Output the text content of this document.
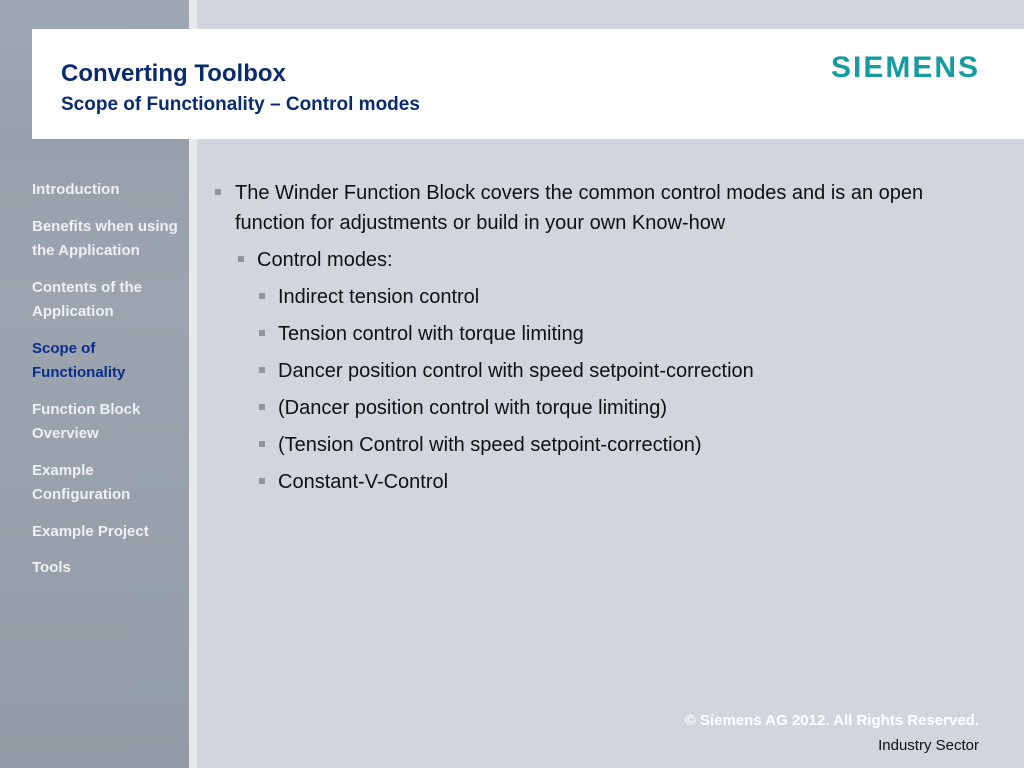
Converting Toolbox
Scope of Functionality – Control modes
SIEMENS
Introduction
Benefits when using the Application
Contents of the Application
Scope of Functionality
Function Block Overview
Example Configuration
Example Project
Tools
The Winder Function Block covers the common control modes and is an open function for adjustments or build in your own Know-how
Control modes:
Indirect tension control
Tension control with torque limiting
Dancer position control with speed setpoint-correction
(Dancer position control with torque limiting)
(Tension Control with speed setpoint-correction)
Constant-V-Control
© Siemens AG 2012. All Rights Reserved.
Industry Sector
